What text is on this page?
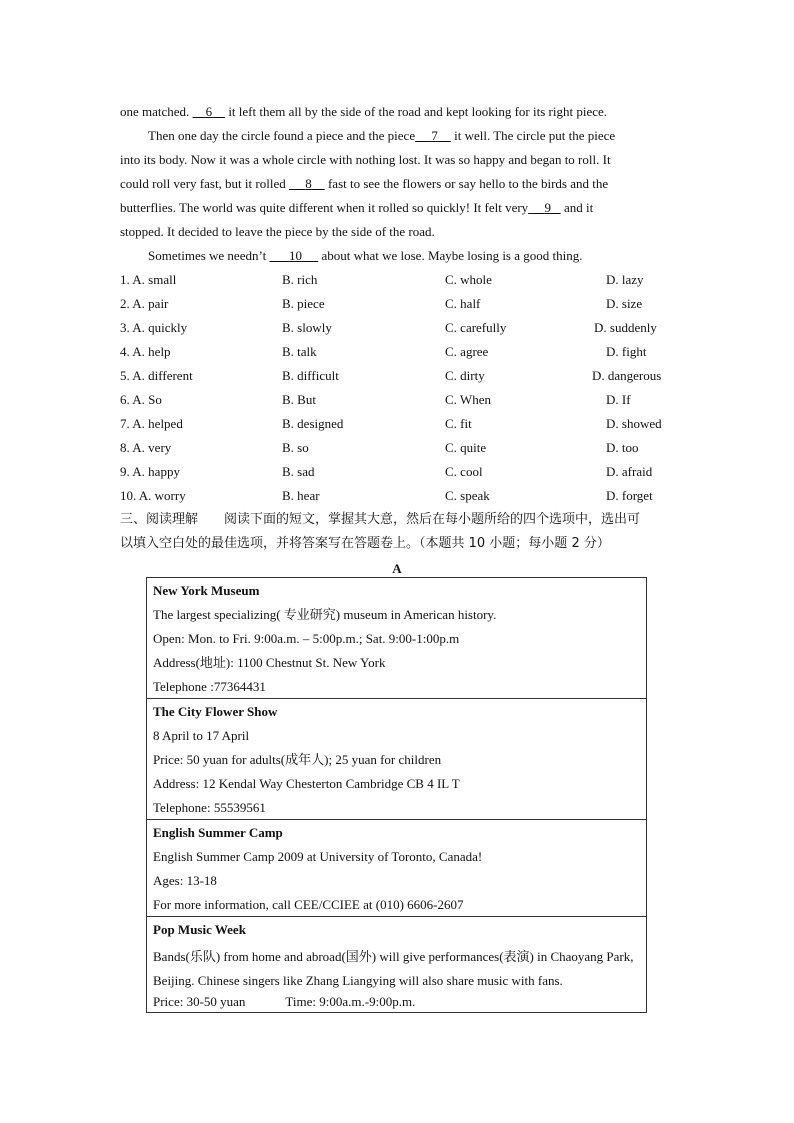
one matched.     6     it left them all by the side of the road and kept looking for its right piece.
Then one day the circle found a piece and the piece 7     it well. The circle put the piece
into its body. Now it was a whole circle with nothing lost. It was so happy and began to roll. It
could roll very fast, but it rolled      8     fast to see the flowers or say hello to the birds and the
butterflies. The world was quite different when it rolled so quickly! It felt very 9    and it
stopped. It decided to leave the piece by the side of the road.
Sometimes we needn’t       10      about what we lose. Maybe losing is a good thing.
1. A. small	B. rich	C. whole	D. lazy
2. A. pair	B. piece	C. half	D. size
3. A. quickly	B. slowly	C. carefully	D. suddenly
4. A. help	B. talk	C. agree	D. fight
5. A. different	B. difficult	C. dirty	D. dangerous
6. A. So	B. But	C. When	D. If
7. A. helped	B. designed	C. fit	D. showed
8. A. very	B. so	C. quite	D. too
9. A. happy	B. sad	C. cool	D. afraid
10. A. worry	B. hear	C. speak	D. forget
三、阅读理解　　阅读下面的短文，掌握其大意，然后在每小题所给的四个选项中，选出可
以填入空白处的最佳选项，并将答案写在答题卷上。（本题共 10 小题；每小题 2 分）
A
New York Museum
The largest specializing( 专业研究) museum in American history.
Open: Mon. to Fri. 9:00a.m. – 5:00p.m.; Sat. 9:00-1:00p.m
Address(地址): 1100 Chestnut St. New York
Telephone :77364431
The City Flower Show
8 April to 17 April
Price: 50 yuan for adults(成年人); 25 yuan for children
Address: 12 Kendal Way Chesterton Cambridge CB 4 IL T
Telephone: 55539561
English Summer Camp
English Summer Camp 2009 at University of Toronto, Canada!
Ages: 13-18
For more information, call CEE/CCIEE at (010) 6606-2607
Pop Music Week
Bands(乐队) from home and abroad(国外) will give performances(表演) in Chaoyang Park, Beijing. Chinese singers like Zhang Liangying will also share music with fans.
Price: 30-50 yuan	Time: 9:00a.m.-9:00p.m.
